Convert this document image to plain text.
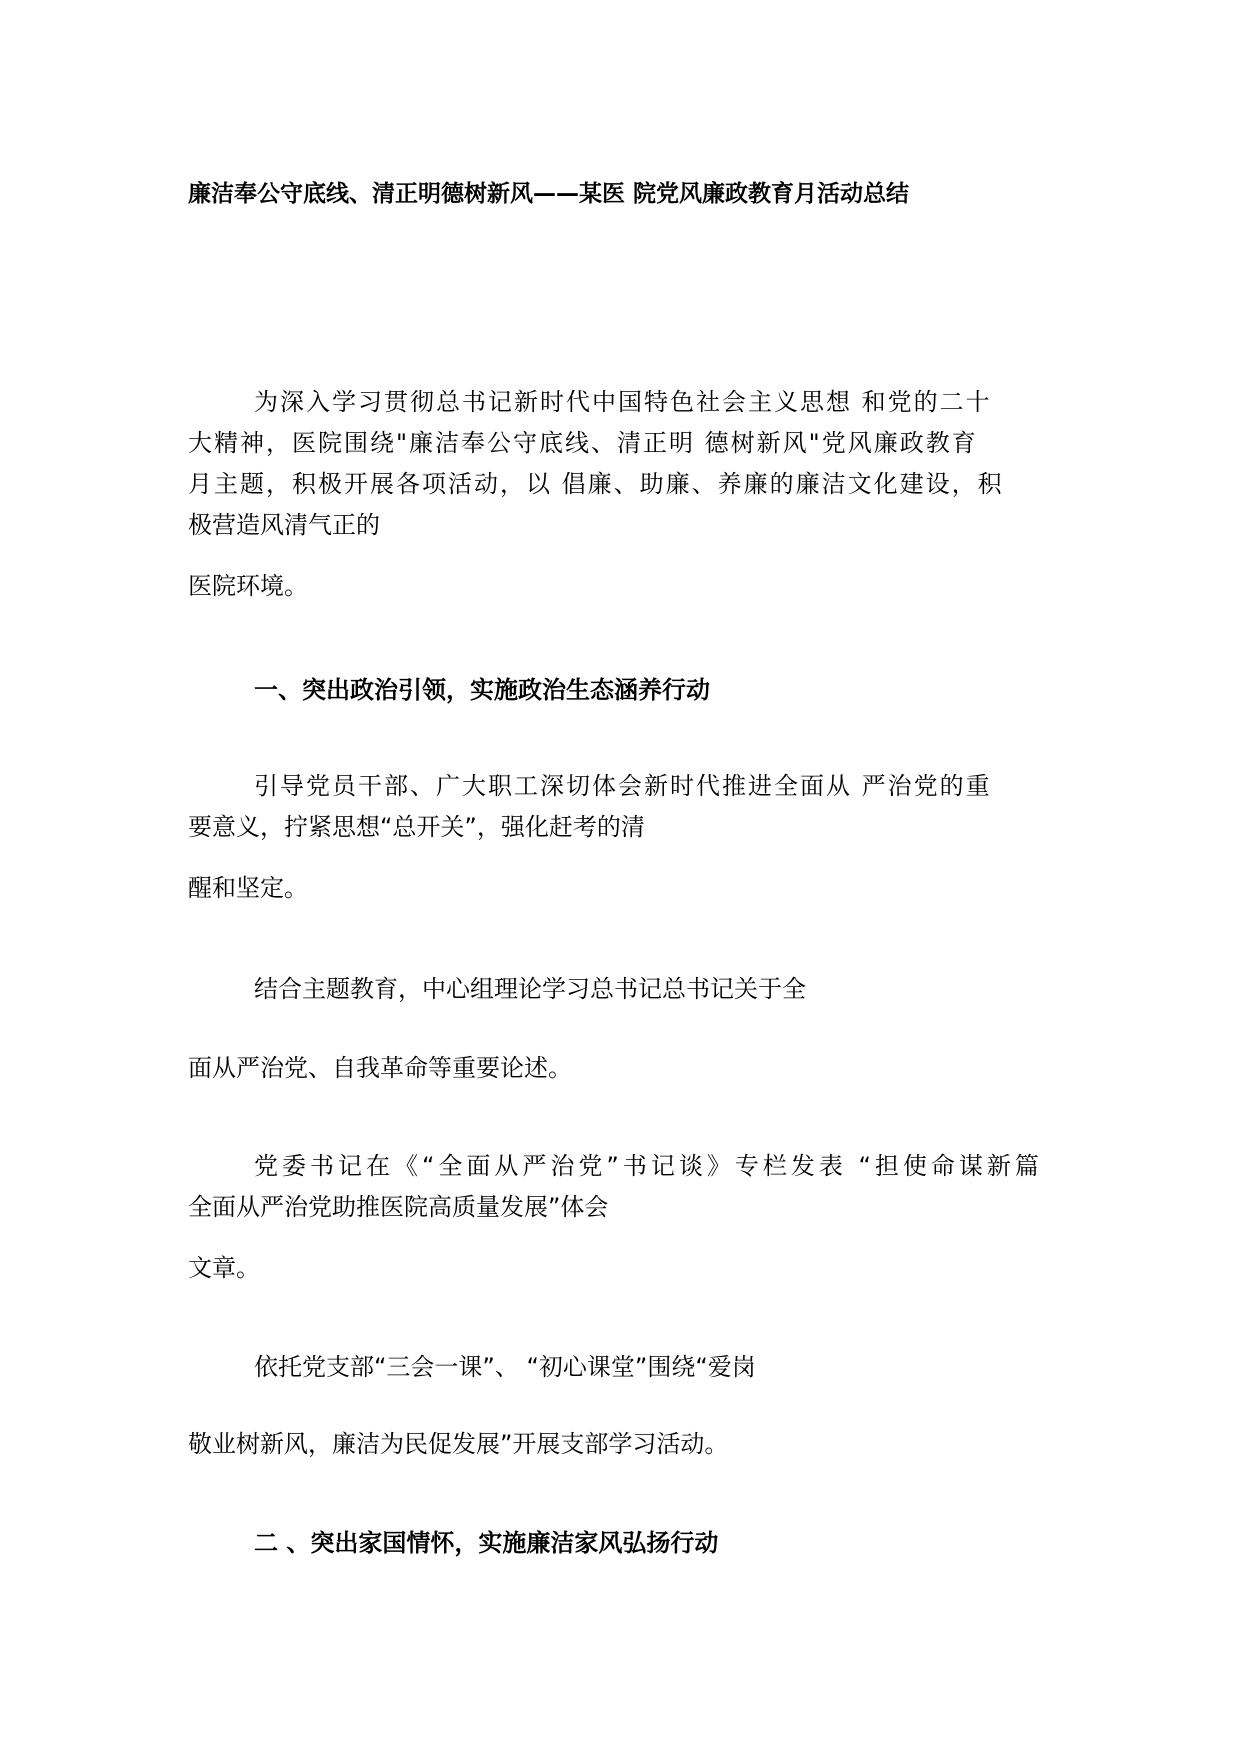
廉洁奉公守底线、清正明德树新风——某医 院党风廉政教育月活动总结
为深入学习贯彻总书记新时代中国特色社会主义思想 和党的二十
大精神，医院围绕"廉洁奉公守底线、清正明 德树新风"党风廉政教育
月主题，积极开展各项活动，以 倡廉、助廉、养廉的廉洁文化建设，积
极营造风清气正的
医院环境。
一、突出政治引领，实施政治生态涵养行动
引导党员干部、广大职工深切体会新时代推进全面从 严治党的重
要意义，拧紧思想“总开关”，强化赶考的清
醒和坚定。
结合主题教育，中心组理论学习总书记总书记关于全
面从严治党、自我革命等重要论述。
党委书记在《“全面从严治党”书记谈》专栏发表 “担使命谋新篇
全面从严治党助推医院高质量发展”体会
文章。
依托党支部“三会一课”、 “初心课堂”围绕“爱岗
敬业树新风，廉洁为民促发展”开展支部学习活动。
二 、突出家国情怀，实施廉洁家风弘扬行动
